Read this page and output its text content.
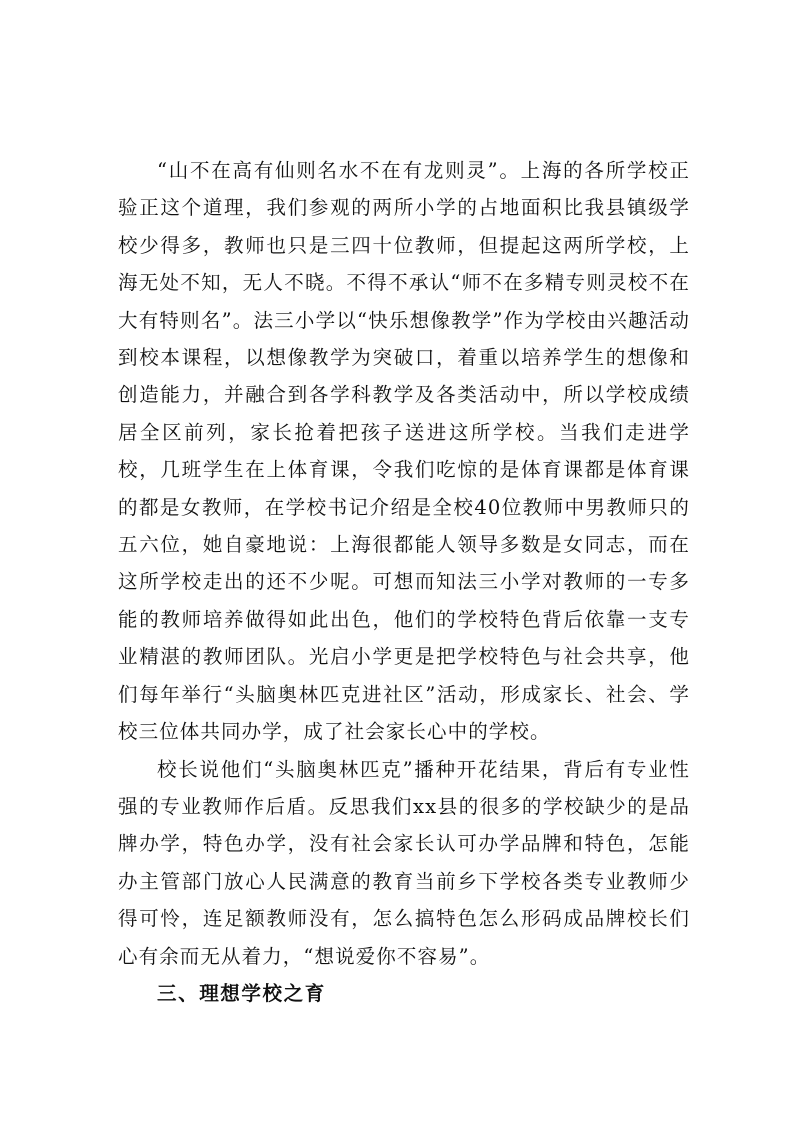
“山不在高有仙则名水不在有龙则灵”。上海的各所学校正验正这个道理，我们参观的两所小学的占地面积比我县镇级学校少得多，教师也只是三四十位教师，但提起这两所学校，上海无处不知，无人不晓。不得不承认“师不在多精专则灵校不在大有特则名”。法三小学以“快乐想像教学”作为学校由兴趣活动到校本课程，以想像教学为突破口，着重以培养学生的想像和创造能力，并融合到各学科教学及各类活动中，所以学校成绩居全区前列，家长抢着把孩子送进这所学校。当我们走进学校，几班学生在上体育课，令我们吃惊的是体育课都是体育课的都是女教师，在学校书记介绍是全校40位教师中男教师只的五六位，她自豪地说：上海很都能人领导多数是女同志，而在这所学校走出的还不少呢。可想而知法三小学对教师的一专多能的教师培养做得如此出色，他们的学校特色背后依靠一支专业精湛的教师团队。光启小学更是把学校特色与社会共享，他们每年举行“头脑奥林匹克进社区”活动，形成家长、社会、学校三位体共同办学，成了社会家长心中的学校。

校长说他们“头脑奥林匹克”播种开花结果，背后有专业性强的专业教师作后盾。反思我们xx县的很多的学校缺少的是品牌办学，特色办学，没有社会家长认可办学品牌和特色，怎能办主管部门放心人民满意的教育当前乡下学校各类专业教师少得可怜，连足额教师没有，怎么搞特色怎么形码成品牌校长们心有余而无从着力，“想说爱你不容易”。

三、理想学校之育
